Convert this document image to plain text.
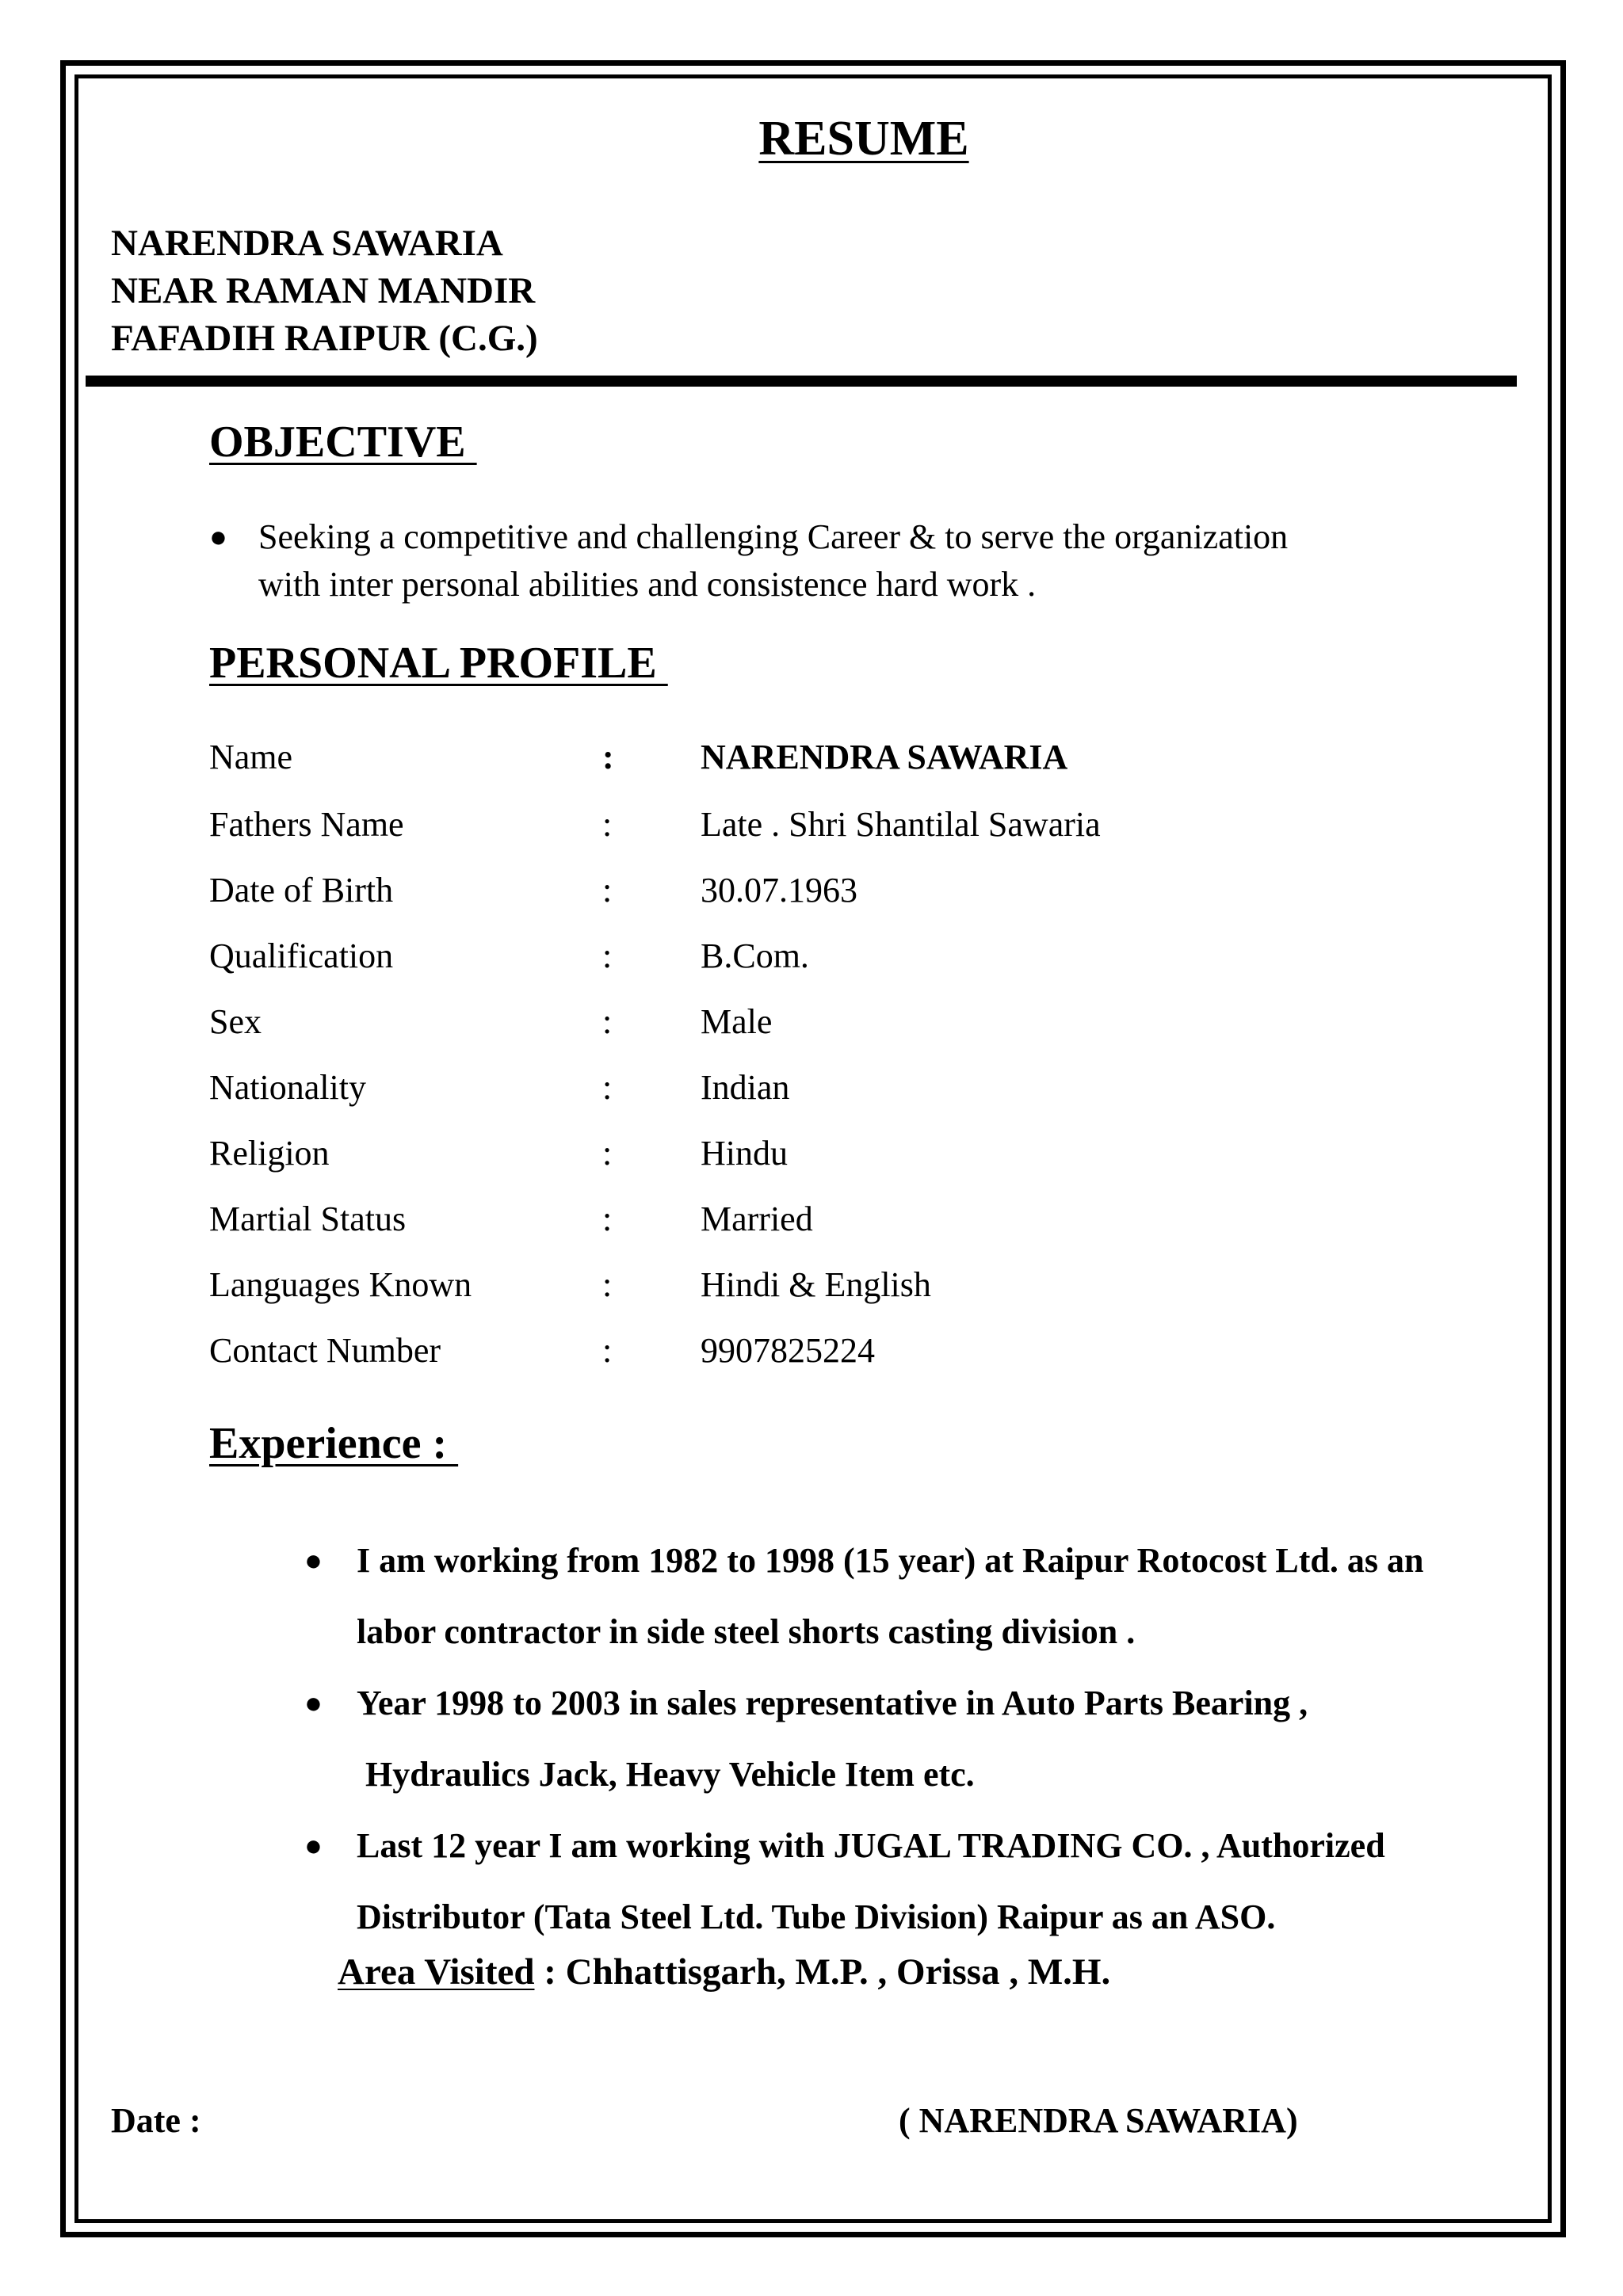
RESUME
NARENDRA SAWARIA
NEAR RAMAN MANDIR
FAFADIH RAIPUR (C.G.)
OBJECTIVE
● Seeking a competitive and challenging Career & to serve the organization
with inter personal abilities and consistence hard work .
PERSONAL PROFILE
Name	: NARENDRA SAWARIA
Fathers Name	:	Late . Shri Shantilal Sawaria
Date of Birth	:	30.07.1963
Qualification	:	B.Com.
Sex	:	Male
Nationality	:	Indian
Religion	:	Hindu
Martial Status	:	Married
Languages Known	:	Hindi & English
Contact Number	:	9907825224
Experience :
● I am working from 1982 to 1998 (15 year) at Raipur Rotocost Ltd. as an
labor contractor in side steel shorts casting division .
● Year 1998 to 2003 in sales representative in Auto Parts Bearing ,
Hydraulics Jack, Heavy Vehicle Item etc.
● Last 12 year I am working with JUGAL TRADING CO. , Authorized
Distributor (Tata Steel Ltd. Tube Division) Raipur as an ASO.
Area Visited : Chhattisgarh, M.P. , Orissa , M.H.
Date :	( NARENDRA SAWARIA)
